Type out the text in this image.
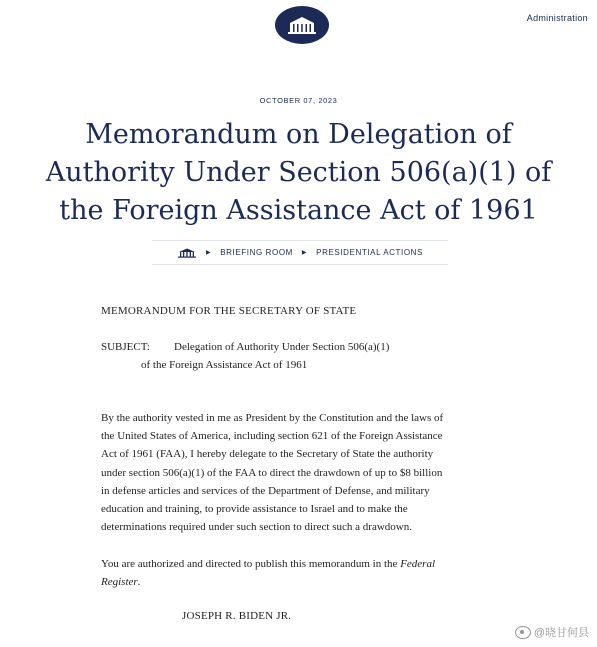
Administration
OCTOBER 07, 2023
Memorandum on Delegation of
Authority Under Section 506(a)(1) of
the Foreign Assistance Act of 1961
▶ BRIEFING ROOM ▶ PRESIDENTIAL ACTIONS
MEMORANDUM FOR THE SECRETARY OF STATE
SUBJECT: Delegation of Authority Under Section 506(a)(1)
of the Foreign Assistance Act of 1961

By the authority vested in me as President by the Constitution and the laws of
the United States of America, including section 621 of the Foreign Assistance
Act of 1961 (FAA), I hereby delegate to the Secretary of State the authority
under section 506(a)(1) of the FAA to direct the drawdown of up to $8 billion
in defense articles and services of the Department of Defense, and military
education and training, to provide assistance to Israel and to make the
determinations required under such section to direct such a drawdown.

You are authorized and directed to publish this memorandum in the Federal
Register.

JOSEPH R. BIDEN JR.
@晓甘何县
